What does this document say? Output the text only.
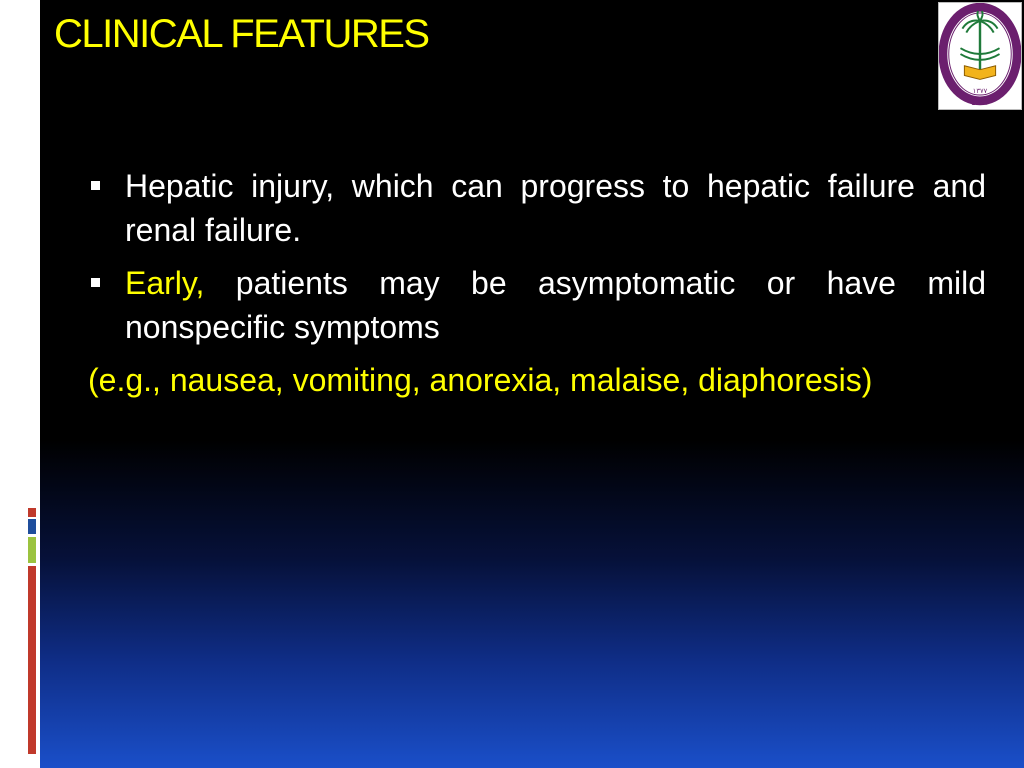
CLINICAL FEATURES
١٣٧٧
1957
Hepatic injury, which can progress to hepatic failure and renal failure.
Early, patients may be asymptomatic or have mild nonspecific symptoms
(e.g., nausea, vomiting, anorexia, malaise, diaphoresis)
